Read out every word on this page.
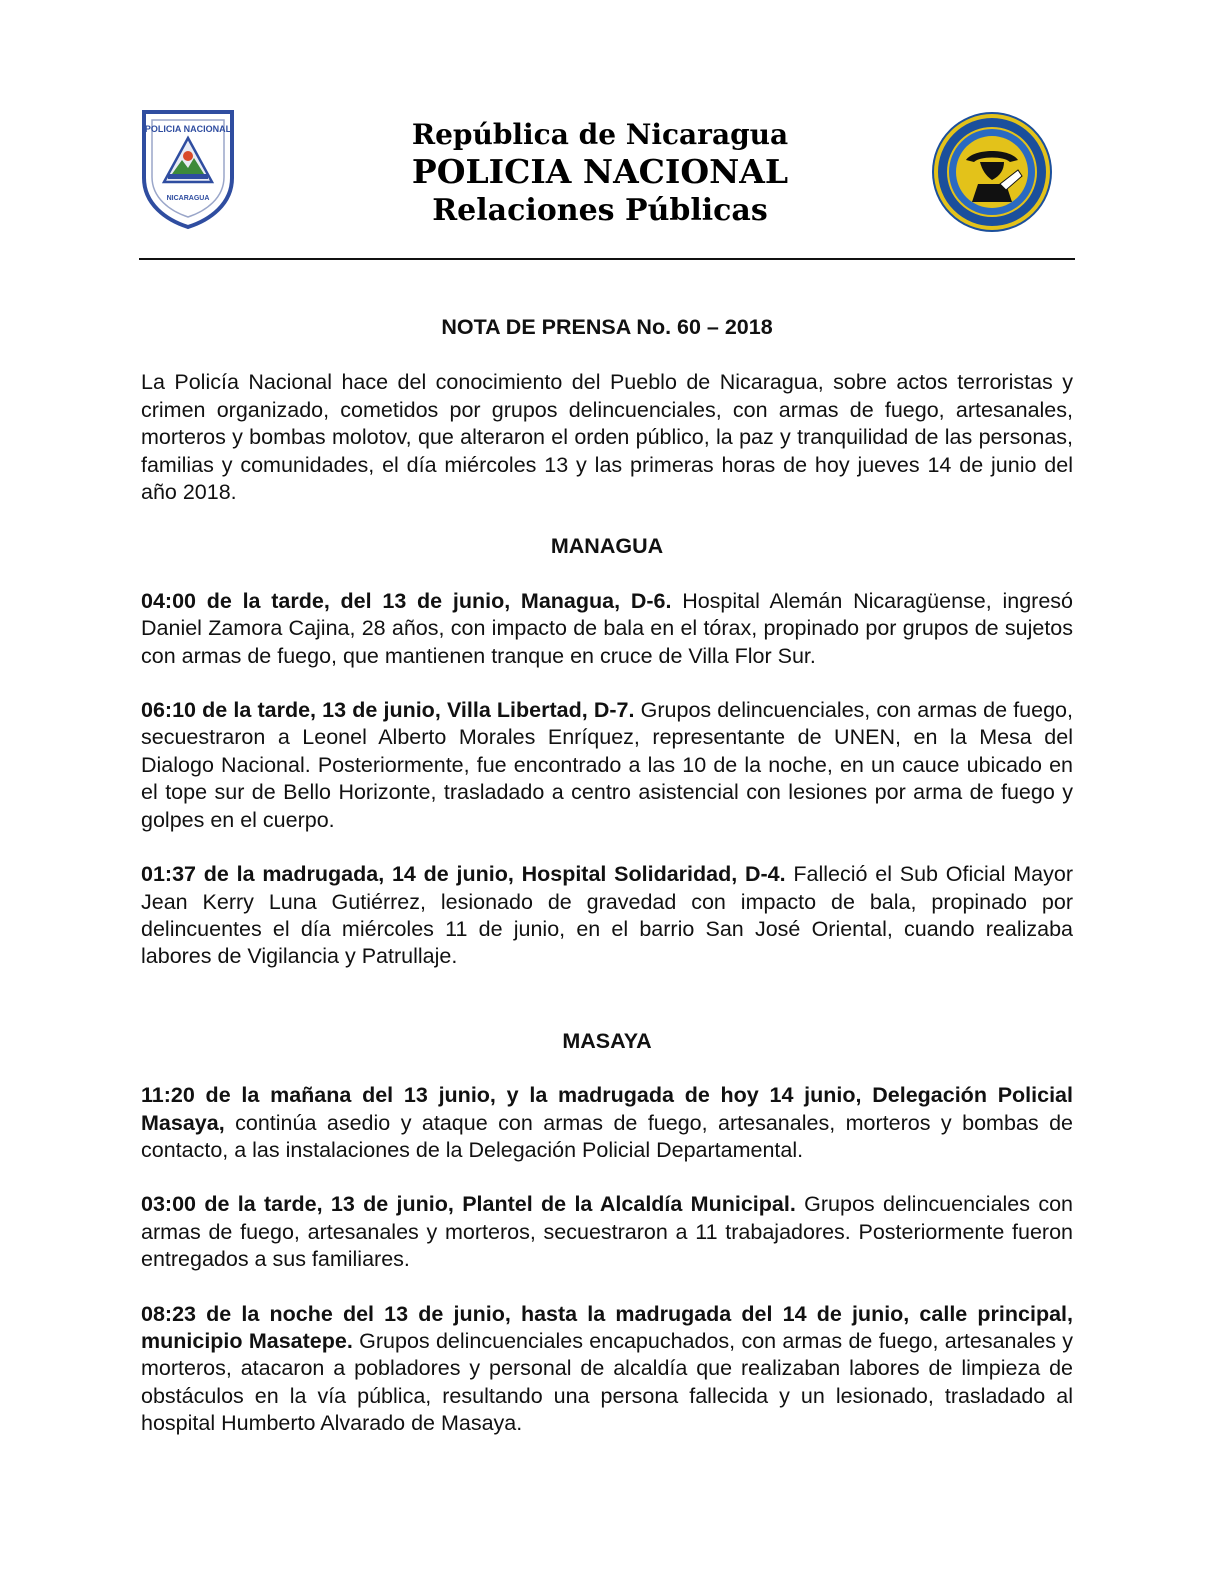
POLICIA NACIONAL
NICARAGUA
República de Nicaragua
POLICIA NACIONAL
Relaciones Públicas
NOTA DE PRENSA No. 60 – 2018

La Policía Nacional hace del conocimiento del Pueblo de Nicaragua, sobre actos terroristas y crimen organizado, cometidos por grupos delincuenciales, con armas de fuego, artesanales, morteros y bombas molotov, que alteraron el orden público, la paz y tranquilidad de las personas, familias y comunidades, el día miércoles 13 y las primeras horas de hoy jueves 14 de junio del año 2018.

MANAGUA

04:00 de la tarde, del 13 de junio, Managua, D-6. Hospital Alemán Nicaragüense, ingresó Daniel Zamora Cajina, 28 años, con impacto de bala en el tórax, propinado por grupos de sujetos con armas de fuego, que mantienen tranque en cruce de Villa Flor Sur.

06:10 de la tarde, 13 de junio, Villa Libertad, D-7. Grupos delincuenciales, con armas de fuego, secuestraron a Leonel Alberto Morales Enríquez, representante de UNEN, en la Mesa del Dialogo Nacional. Posteriormente, fue encontrado a las 10 de la noche, en un cauce ubicado en el tope sur de Bello Horizonte, trasladado a centro asistencial con lesiones por arma de fuego y golpes en el cuerpo.

01:37 de la madrugada, 14 de junio, Hospital Solidaridad, D-4. Falleció el Sub Oficial Mayor Jean Kerry Luna Gutiérrez, lesionado de gravedad con impacto de bala, propinado por delincuentes el día miércoles 11 de junio, en el barrio San José Oriental, cuando realizaba labores de Vigilancia y Patrullaje.

MASAYA

11:20 de la mañana del 13 junio, y la madrugada de hoy 14 junio, Delegación Policial Masaya, continúa asedio y ataque con armas de fuego, artesanales, morteros y bombas de contacto, a las instalaciones de la Delegación Policial Departamental.

03:00 de la tarde, 13 de junio, Plantel de la Alcaldía Municipal. Grupos delincuenciales con armas de fuego, artesanales y morteros, secuestraron a 11 trabajadores. Posteriormente fueron entregados a sus familiares.

08:23 de la noche del 13 de junio, hasta la madrugada del 14 de junio, calle principal, municipio Masatepe. Grupos delincuenciales encapuchados, con armas de fuego, artesanales y morteros, atacaron a pobladores y personal de alcaldía que realizaban labores de limpieza de obstáculos en la vía pública, resultando una persona fallecida y un lesionado, trasladado al hospital Humberto Alvarado de Masaya.
